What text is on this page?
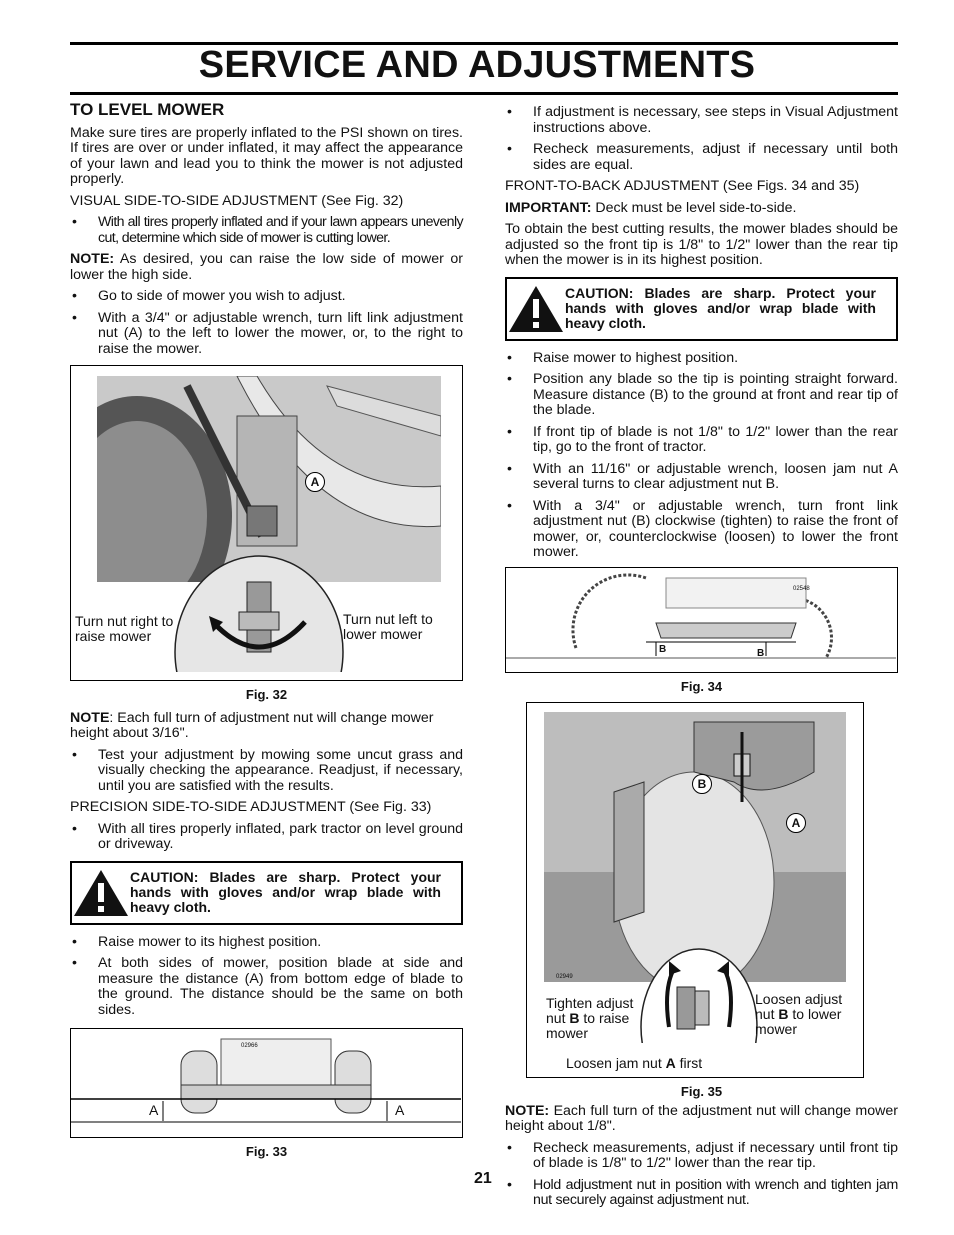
SERVICE AND ADJUSTMENTS
TO LEVEL MOWER

Make sure tires are properly inflated to the PSI shown on tires. If tires are over or under inflated, it may affect the appearance of your lawn and lead you to think the mower is not adjusted properly.

VISUAL SIDE-TO-SIDE ADJUSTMENT (See Fig. 32)

• With all tires properly inflated and if your lawn appears unevenly cut, determine which side of mower is cutting lower.

NOTE: As desired, you can raise the low side of mower or lower the high side.

• Go to side of mower you wish to adjust.
• With a 3/4" or adjustable wrench, turn lift link adjustment nut (A) to the left to lower the mower, or, to the right to raise the mower.
A
Turn nut right to raise mower
Turn nut left to lower mower
Fig. 32

NOTE: Each full turn of adjustment nut will change mower height about 3/16".

• Test your adjustment by mowing some uncut grass and visually checking the appearance. Readjust, if necessary, until you are satisfied with the results.

PRECISION SIDE-TO-SIDE ADJUSTMENT (See Fig. 33)

• With all tires properly inflated, park tractor on level ground or driveway.
CAUTION: Blades are sharp. Protect your hands with gloves and/or wrap blade with heavy cloth.
• Raise mower to its highest position.
• At both sides of mower, position blade at side and measure the distance (A) from bottom edge of blade to the ground. The distance should be the same on both sides.
A	A
02966
Fig. 33
• If adjustment is necessary, see steps in Visual Adjustment instructions above.
• Recheck measurements, adjust if necessary until both sides are equal.

FRONT-TO-BACK ADJUSTMENT (See Figs. 34 and 35)

IMPORTANT: Deck must be level side-to-side.

To obtain the best cutting results, the mower blades should be adjusted so the front tip is 1/8" to 1/2" lower than the rear tip when the mower is in its highest position.

CAUTION: Blades are sharp. Protect your hands with gloves and/or wrap blade with heavy cloth.
• Raise mower to highest position.
• Position any blade so the tip is pointing straight forward. Measure distance (B) to the ground at front and rear tip of the blade.
• If front tip of blade is not 1/8" to 1/2" lower than the rear tip, go to the front of tractor.
• With an 11/16" or adjustable wrench, loosen jam nut A several turns to clear adjustment nut B.
• With a 3/4" or adjustable wrench, turn front link adjustment nut (B) clockwise (tighten) to raise the front of mower, or, counterclockwise (loosen) to lower the front mower.
B	B
02548
Fig. 34
B
A
02949
Tighten adjust nut B to raise mower
Loosen adjust nut B to lower mower
Loosen jam nut A first
Fig. 35

NOTE: Each full turn of the adjustment nut will change mower height about 1/8".

• Recheck measurements, adjust if necessary until front tip of blade is 1/8" to 1/2" lower than the rear tip.
• Hold adjustment nut in position with wrench and tighten jam nut securely against adjustment nut.
21
